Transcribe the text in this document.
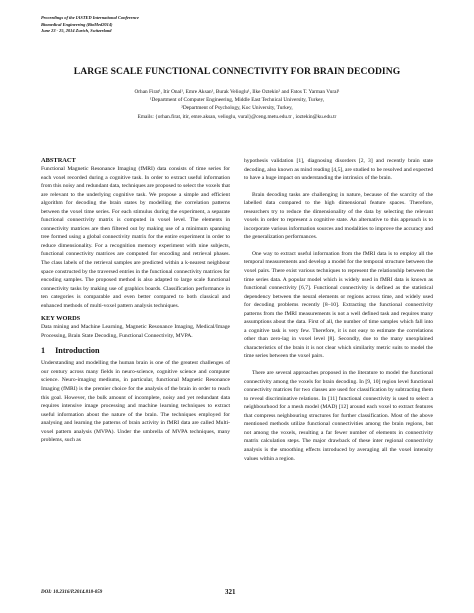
Proceedings of the IASTED International Conference
Biomedical Engineering (BioMed2014)
June 23 - 25, 2014 Zurich, Switzerland
LARGE SCALE FUNCTIONAL CONNECTIVITY FOR BRAIN DECODING
Orhan Firat¹, Itir Onal¹, Emre Aksan¹, Burak Velioglu¹, Ilke Oztekin² and Fatos T. Yarman Vural¹
¹Department of Computer Engineering, Middle East Technical University, Turkey,
²Department of Psychology, Koc University, Turkey,
Emails: {orhan.firat, itir, emre.aksan, velioglu, vural}@ceng.metu.edu.tr , ioztekin@ku.edu.tr
ABSTRACT

Functional Magnetic Resonance Imaging (fMRI) data consists of time series for each voxel recorded during a cognitive task. In order to extract useful information from this noisy and redundant data, techniques are proposed to select the voxels that are relevant to the underlying cognitive task. We propose a simple and efficient algorithm for decoding the brain states by modelling the correlation patterns between the voxel time series. For each stimulus during the experiment, a separate functional connectivity matrix is computed in voxel level. The elements in connectivity matrices are then filtered out by making use of a minimum spanning tree formed using a global connectivity matrix for the entire experiment in order to reduce dimensionality. For a recognition memory experiment with nine subjects, functional connectivity matrices are computed for encoding and retrieval phases. The class labels of the retrieval samples are predicted within a k-nearest neighbour space constructed by the traversed entries in the functional connectivity matrices for encoding samples. The proposed method is also adapted to large scale functional connectivity tasks by making use of graphics boards. Classification performance in ten categories is comparable and even better compared to both classical and enhanced methods of multi-voxel pattern analysis techniques.

KEY WORDS

Data mining and Machine Learning, Magnetic Resonance Imaging, Medical/Image Processing, Brain State Decoding, Functional Connectivity, MVPA.

1 Introduction

Understanding and modelling the human brain is one of the greatest challenges of our century across many fields in neuro-science, cognitive science and computer science. Neuro-imaging mediums, in particular, functional Magnetic Resonance Imaging (fMRI) is the premier choice for the analysis of the brain in order to reach this goal. However, the bulk amount of incomplete, noisy and yet redundant data requires intensive image processing and machine learning techniques to extract useful information about the nature of the brain. The techniques employed for analysing and learning the patterns of brain activity in fMRI data are called Multi-voxel pattern analysis (MVPA). Under the umbrella of MVPA techniques, many problems, such as

hypothesis validation [1], diagnosing disorders [2, 3] and recently brain state decoding, also known as mind reading [4,5], are studied to be resolved and expected to have a huge impact on understanding the intrinsics of the brain.

Brain decoding tasks are challenging in nature, because of the scarcity of the labelled data compared to the high dimensional feature spaces. Therefore, researchers try to reduce the dimensionality of the data by selecting the relevant voxels in order to represent a cognitive state. An alternative to this approach is to incorporate various information sources and modalities to improve the accuracy and the generalization performances.

One way to extract useful information from the fMRI data is to employ all the temporal measurements and develop a model for the temporal structure between the voxel pairs. There exist various techniques to represent the relationship between the time series data. A popular model which is widely used in fMRI data is known as functional connectivity [6,7]. Functional connectivity is defined as the statistical dependency between the neural elements or regions across time, and widely used for decoding problems recently [8–10]. Extracting the functional connectivity patterns from the fMRI measurements is not a well defined task and requires many assumptions about the data. First of all, the number of time samples which fall into a cognitive task is very few. Therefore, it is not easy to estimate the correlations other than zero-lag in voxel level [8]. Secondly, due to the many unexplained characteristics of the brain it is not clear which similarity metric suits to model the time series between the voxel pairs.

There are several approaches proposed in the literature to model the functional connectivity among the voxels for brain decoding. In [9, 10] region level functional connectivity matrices for two classes are used for classification by subtracting them to reveal discriminative relations. In [11] functional connectivity is used to select a neighbourhood for a mesh model (MAD) [12] around each voxel to extract features that compress neighbouring structures for further classification. Most of the above mentioned methods utilize functional connectivities among the brain regions, but not among the voxels, resulting a far fewer number of elements in connectivity matrix calculation steps. The major drawback of these inter regional connectivity analysis is the smoothing effects introduced by averaging all the voxel intensity values within a region.

DOI: 10.2316/P.2014.818-059	321
